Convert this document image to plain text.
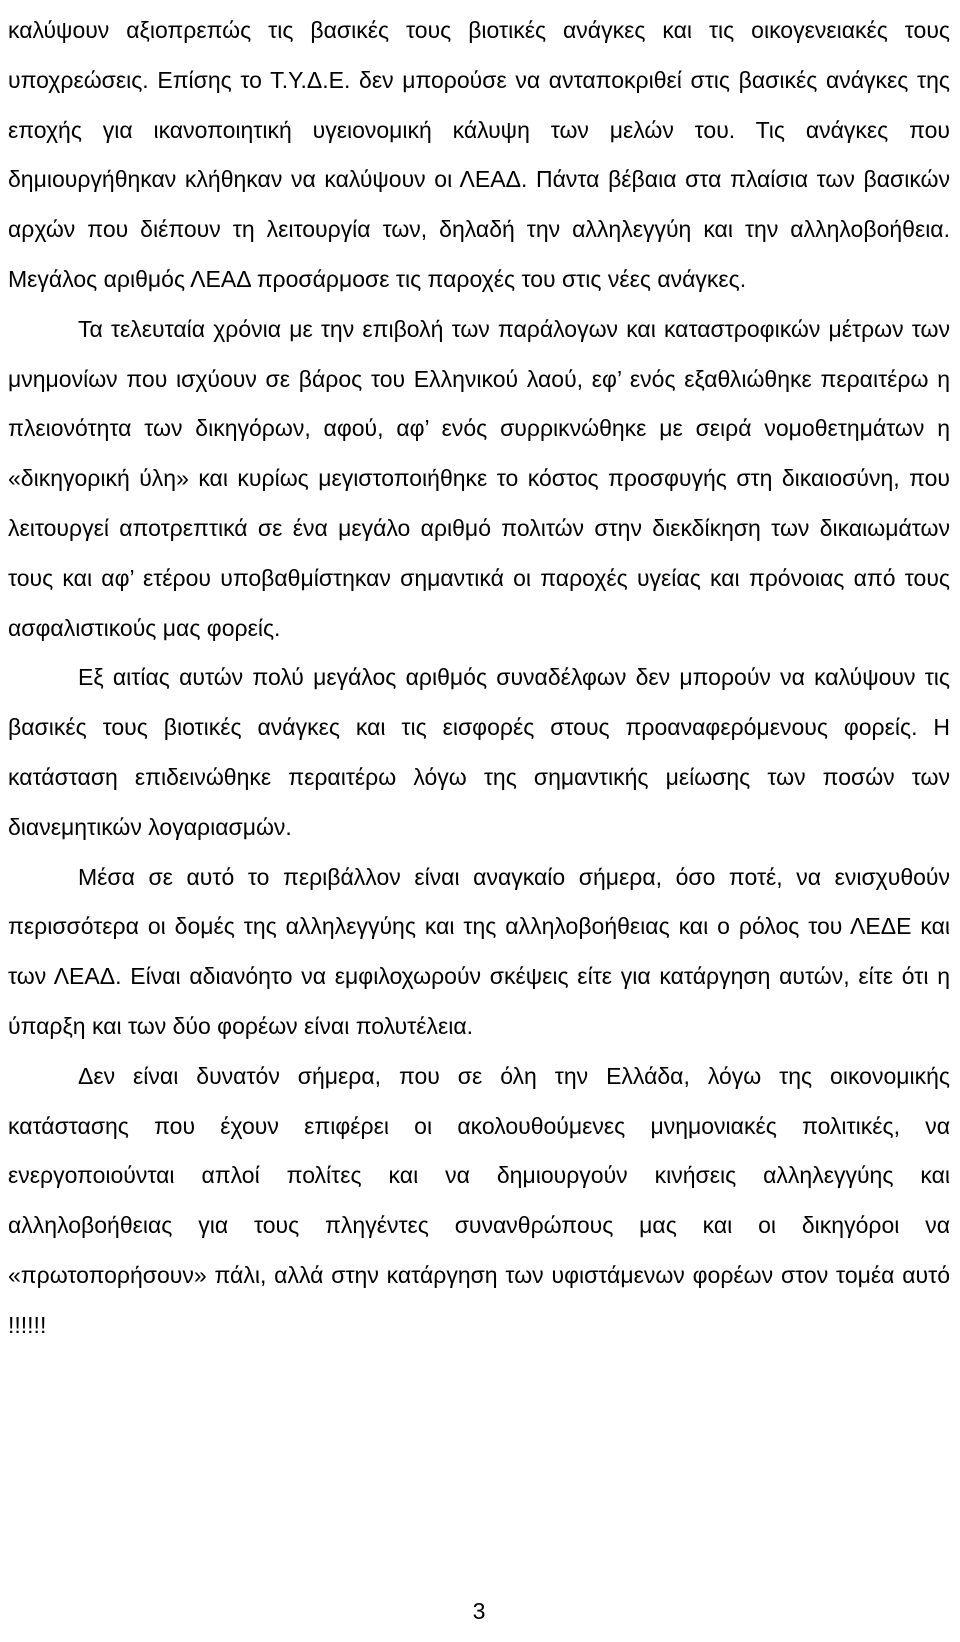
καλύψουν αξιοπρεπώς τις βασικές τους βιοτικές ανάγκες και τις οικογενειακές τους υποχρεώσεις. Επίσης το Τ.Υ.Δ.Ε. δεν μπορούσε να ανταποκριθεί στις βασικές ανάγκες της εποχής για ικανοποιητική υγειονομική κάλυψη των μελών του. Τις ανάγκες που δημιουργήθηκαν κλήθηκαν να καλύψουν οι ΛΕΑΔ. Πάντα βέβαια στα πλαίσια των βασικών αρχών που διέπουν τη λειτουργία των, δηλαδή την αλληλεγγύη και την αλληλοβοήθεια. Μεγάλος αριθμός ΛΕΑΔ προσάρμοσε τις παροχές του στις νέες ανάγκες.

Τα τελευταία χρόνια με την επιβολή των παράλογων και καταστροφικών μέτρων των μνημονίων που ισχύουν σε βάρος του Ελληνικού λαού, εφ’ ενός εξαθλιώθηκε περαιτέρω η πλειονότητα των δικηγόρων, αφού, αφ’ ενός συρρικνώθηκε με σειρά νομοθετημάτων η «δικηγορική ύλη» και κυρίως μεγιστοποιήθηκε το κόστος προσφυγής στη δικαιοσύνη, που λειτουργεί αποτρεπτικά σε ένα μεγάλο αριθμό πολιτών στην διεκδίκηση των δικαιωμάτων τους και αφ’ ετέρου υποβαθμίστηκαν σημαντικά οι παροχές υγείας και πρόνοιας από τους ασφαλιστικούς μας φορείς.

Εξ αιτίας αυτών πολύ μεγάλος αριθμός συναδέλφων δεν μπορούν να καλύψουν τις βασικές τους βιοτικές ανάγκες και τις εισφορές στους προαναφερόμενους φορείς. Η κατάσταση επιδεινώθηκε περαιτέρω λόγω της σημαντικής μείωσης των ποσών των διανεμητικών λογαριασμών.

Μέσα σε αυτό το περιβάλλον είναι αναγκαίο σήμερα, όσο ποτέ, να ενισχυθούν περισσότερα οι δομές της αλληλεγγύης και της αλληλοβοήθειας και ο ρόλος του ΛΕΔΕ και των ΛΕΑΔ. Είναι αδιανόητο να εμφιλοχωρούν σκέψεις είτε για κατάργηση αυτών, είτε ότι η ύπαρξη και των δύο φορέων είναι πολυτέλεια.

Δεν είναι δυνατόν σήμερα, που σε όλη την Ελλάδα, λόγω της οικονομικής κατάστασης που έχουν επιφέρει οι ακολουθούμενες μνημονιακές πολιτικές, να ενεργοποιούνται απλοί πολίτες και να δημιουργούν κινήσεις αλληλεγγύης και αλληλοβοήθειας για τους πληγέντες συνανθρώπους μας και οι δικηγόροι να «πρωτοπορήσουν» πάλι, αλλά στην κατάργηση των υφιστάμενων φορέων στον τομέα αυτό !!!!!!

3
